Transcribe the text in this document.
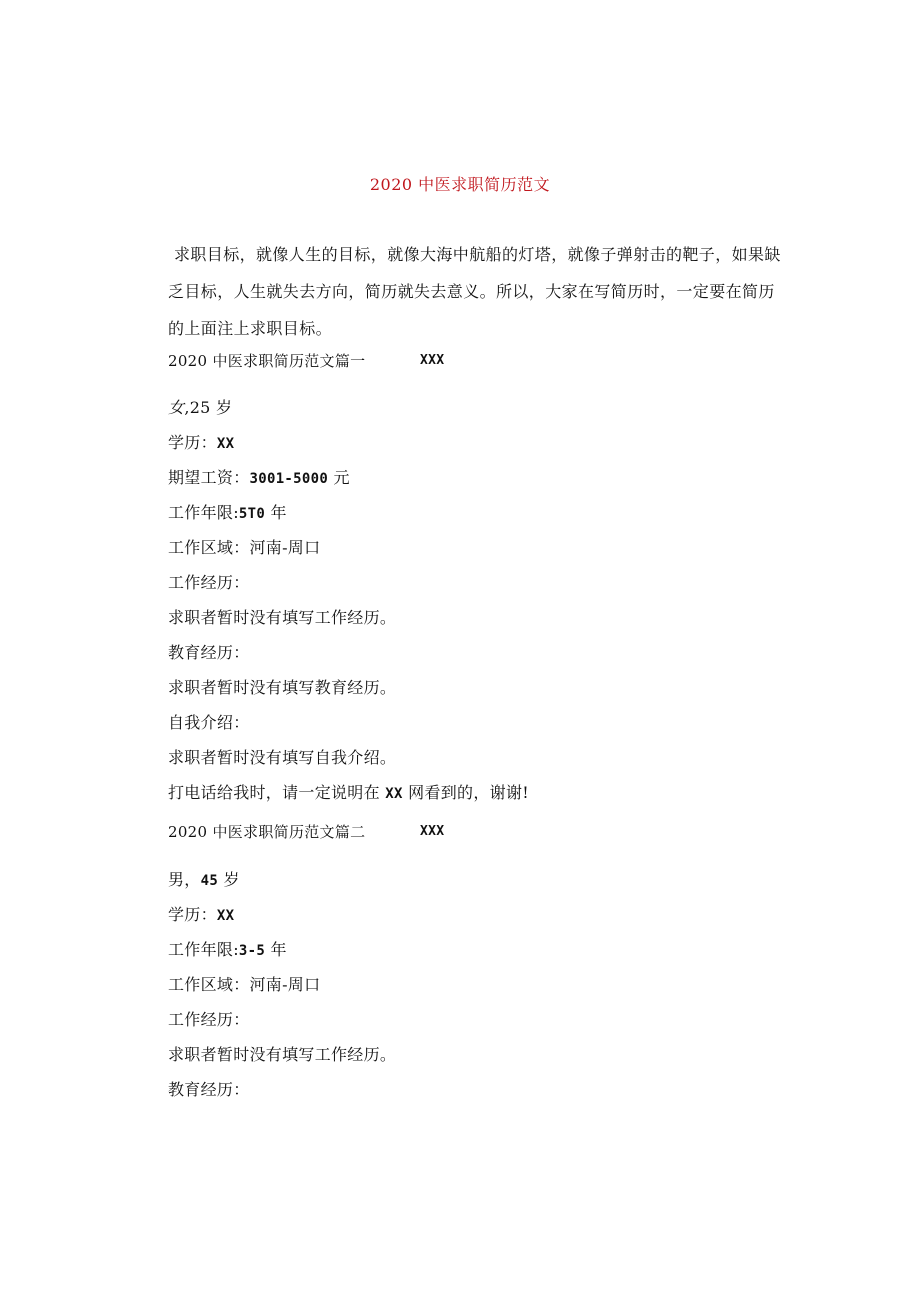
2020 中医求职简历范文

求职目标，就像人生的目标，就像大海中航船的灯塔，就像子弹射击的靶子，如果缺乏目标，人生就失去方向，简历就失去意义。所以，大家在写简历时，一定要在简历的上面注上求职目标。

2020 中医求职简历范文篇一	XXX
女,25 岁
学历：XX
期望工资：3001-5000 元
工作年限:5T0 年
工作区域：河南-周口
工作经历：
求职者暂时没有填写工作经历。
教育经历：
求职者暂时没有填写教育经历。
自我介绍：
求职者暂时没有填写自我介绍。
打电话给我时，请一定说明在 XX 网看到的，谢谢!
2020 中医求职简历范文篇二	XXX
男，45 岁
学历：XX
工作年限:3-5 年
工作区域：河南-周口
工作经历：
求职者暂时没有填写工作经历。
教育经历：
